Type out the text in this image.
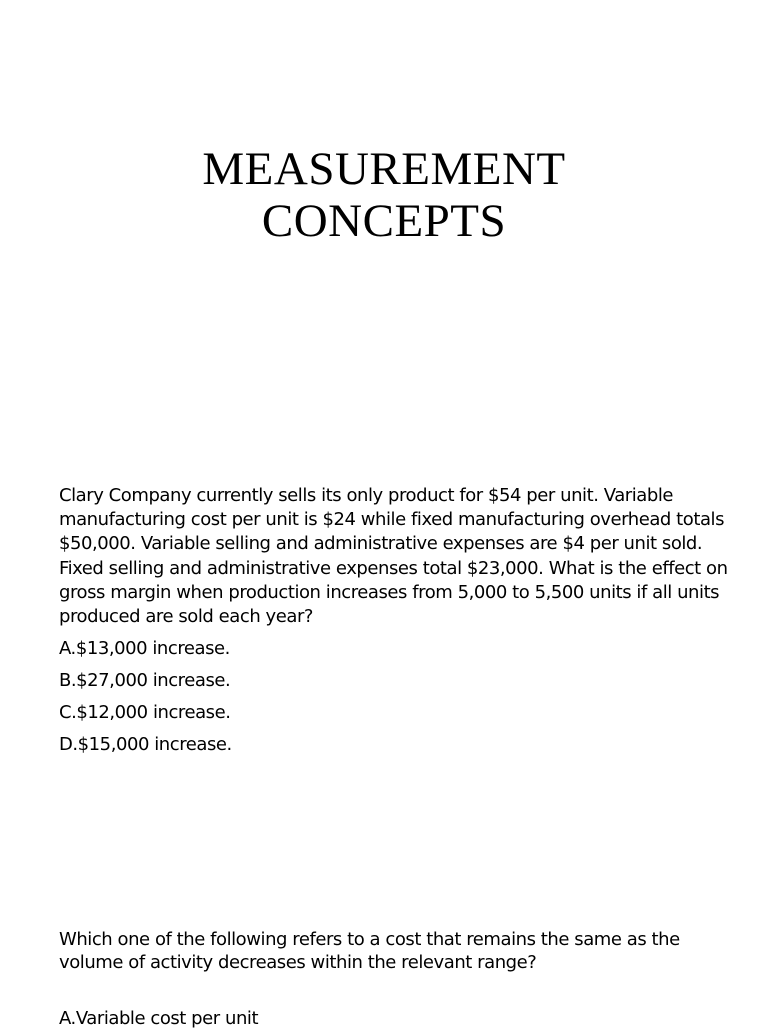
MEASUREMENT
CONCEPTS

Clary Company currently sells its only product for $54 per unit. Variable manufacturing cost per unit is $24 while fixed manufacturing overhead totals $50,000. Variable selling and administrative expenses are $4 per unit sold. Fixed selling and administrative expenses total $23,000. What is the effect on gross margin when production increases from 5,000 to 5,500 units if all units produced are sold each year?

A.$13,000 increase.
B.$27,000 increase.
C.$12,000 increase.
D.$15,000 increase.

Which one of the following refers to a cost that remains the same as the volume of activity decreases within the relevant range?

A.Variable cost per unit
